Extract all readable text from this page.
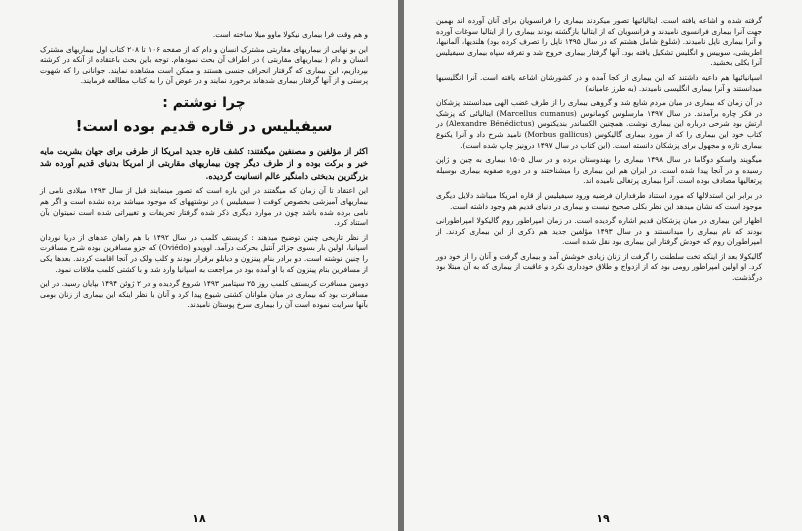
و هم وقت فرا بیماری نیکولا ماوو میلا ساخته است.

این بو نهایی از بیماریهای مقاربتی مشترک انسان و دام که از صفحه ۱۰۶ تا ۲۰۸ کتاب اول بیماریهای مشترک انسان و دام ( بیماریهای مقاربتی ) در اطراف آن بحث نمودهام. توجه باین بحث باعتقاده از آنکه در کرشته بپردازیم، این بیماری که گرفتار انحراف جنسی هستند و ممکن است مشاهده نمایند. جوانانی را که شهوت پرستی و از آنها گرفتار بیماری شدهاند برخورد نمایند و در عوض آن را به کتاب مطالعه فرمایند.

چرا نوشتم :
سیفیلیس در قاره قدیم بوده است!

اکثر از مؤلفین و مصنفین میگفتند: کشف قاره جدید امریکا از طرفی برای جهان بشریت مایه خیر و برکت بوده و از طرف دیگر چون بیماریهای مقاربتی از امریکا بدنیای قدیم آورده شد بزرگترین بدبختی دامنگیر عالم انسانیت گردیده.

این اعتقاد تا آن زمان که میگفتند در این باره است که تصور مینمایند قبل از سال ۱۴۹۳ میلادی نامی از بیماریهای آمیزشی بخصوص کوفت ( سیفیلیس ) در نوشتههای که موجود میباشد برده نشده است و اگر هم نامی برده شده باشد چون در موارد دیگری ذکر شده گرفتار تحریفات و تغییراتی شده است نمیتوان بآن استناد کرد.

از نظر تاریخی چنین توضیح میدهند : کریستف کلمب در سال ۱۴۹۲ با هم راهان عدهای از دریا نوردان اسپانیا، اولین بار بسوی جزائر آنتیل بحرکت درآمد. اوویدو (Oviédo) که جزو مسافرین بوده شرح مسافرت را چنین نوشته است. دو برادر بنام پینزون و دیابلو برقرار بودند و کلب ولک در آنجا اقامت کردند. بعدها یکی از مسافرین بنام پینزون که با او آمده بود در مراجعت به اسپانیا وارد شد و با کشتی کلمب ملاقات نمود.

دومین مسافرت کریستف کلمب روز ۲۵ سپتامبر ۱۴۹۳ شروع گردیده و در ۲ ژوئن ۱۴۹۴ بپایان رسید. در این مسافرت بود که بیماری در میان ملوانان کشتی شیوع پیدا کرد و آنان با نظر اینکه این بیماری از زنان بومی بآنها سرایت نموده است آن را بیماری سرخ پوستان نامیدند.

۱۸

گرفته شده و اشاعه یافته است. ایتالیائیها تصور میکردند بیماری را فرانسویان برای آنان آورده اند بهمین جهت آنرا بیماری فرانسوی نامیدند و فرانسویان که از ایتالیا بازگشته بودند بیماری را از ایتالیا سوغات آورده و آنرا بیماری ناپل نامیدند. (شلوغ شامل هشتم که در سال ۱۴۹۵ ناپل را تصرف کرده بود) هلندیها، آلمانیها، اطریشی، سوییس و انگلیس تشکیل یافته بود. آنها گرفتار بیماری خروج شد و تفرقه سپاه بیماری سیفیلیس آنرا بکلی بخشید.

اسپانیائیها هم داعیه داشتند که این بیماری از کجا آمده و در کشورشان اشاعه یافته است. آنرا انگلیسیها میدانستند و آنرا بیماری انگلیسی نامیدند. (به طرز عامیانه)

در آن زمان که بیماری در میان مردم شایع شد و گروهی بیماری را از طرف غضب الهی میدانستند پزشکان در فکر چاره برآمدند. در سال ۱۴۹۷ مارسلوس کومانوس (Marcellus cumanus) ایتالیائی که پزشک ارتش بود شرحی درباره این بیماری نوشت. همچنین الکساندر بندیکتوس (Alexandre Bénédictus) در کتاب خود این بیماری را که از مورد بیماری گالیکوس (Morbus gallicus) نامید شرح داد و آنرا یکنوع بیماری تازه و مجهول برای پزشکان دانسته است. (این کتاب در سال ۱۴۹۷ درونیز چاپ شده است).

میگویند واسکو دوگاما در سال ۱۴۹۸ بیماری را بهندوستان برده و در سال ۱۵۰۵ بیماری به چین و ژاپن رسیده و در آنجا پیدا شده است. در ایران هم این بیماری را میشناختند و در دوره صفویه بیماری بوسیله پرتغالیها مصادف بوده است. آنرا بیماری پرتغالی نامیده اند.

در برابر این استدلالها که مورد استناد طرفداران فرضیه ورود سیفیلیس از قاره امریکا میباشد دلایل دیگری موجود است که نشان میدهد این نظر بکلی صحیح نیست و بیماری در دنیای قدیم هم وجود داشته است.

اظهار این بیماری در میان پزشکان قدیم اشاره گردیده است. در زمان امپراطور روم گالیکولا امپراطورانی بودند که نام بیماری را میدانستند و در سال ۱۴۹۳ مؤلفین جدید هم ذکری از این بیماری کردند. از امپراطوران روم که خودش گرفتار این بیماری بود نقل شده است.

گالیکولا بعد از اینکه تخت سلطنت را گرفت از زنان زیادی خوشش آمد و بیماری گرفت و آنان را از خود دور کرد. او اولین امپراطور رومی بود که از ازدواج و طلاق خودداری نکرد و عاقبت از بیماری که به آن مبتلا بود درگذشت.

۱۹
